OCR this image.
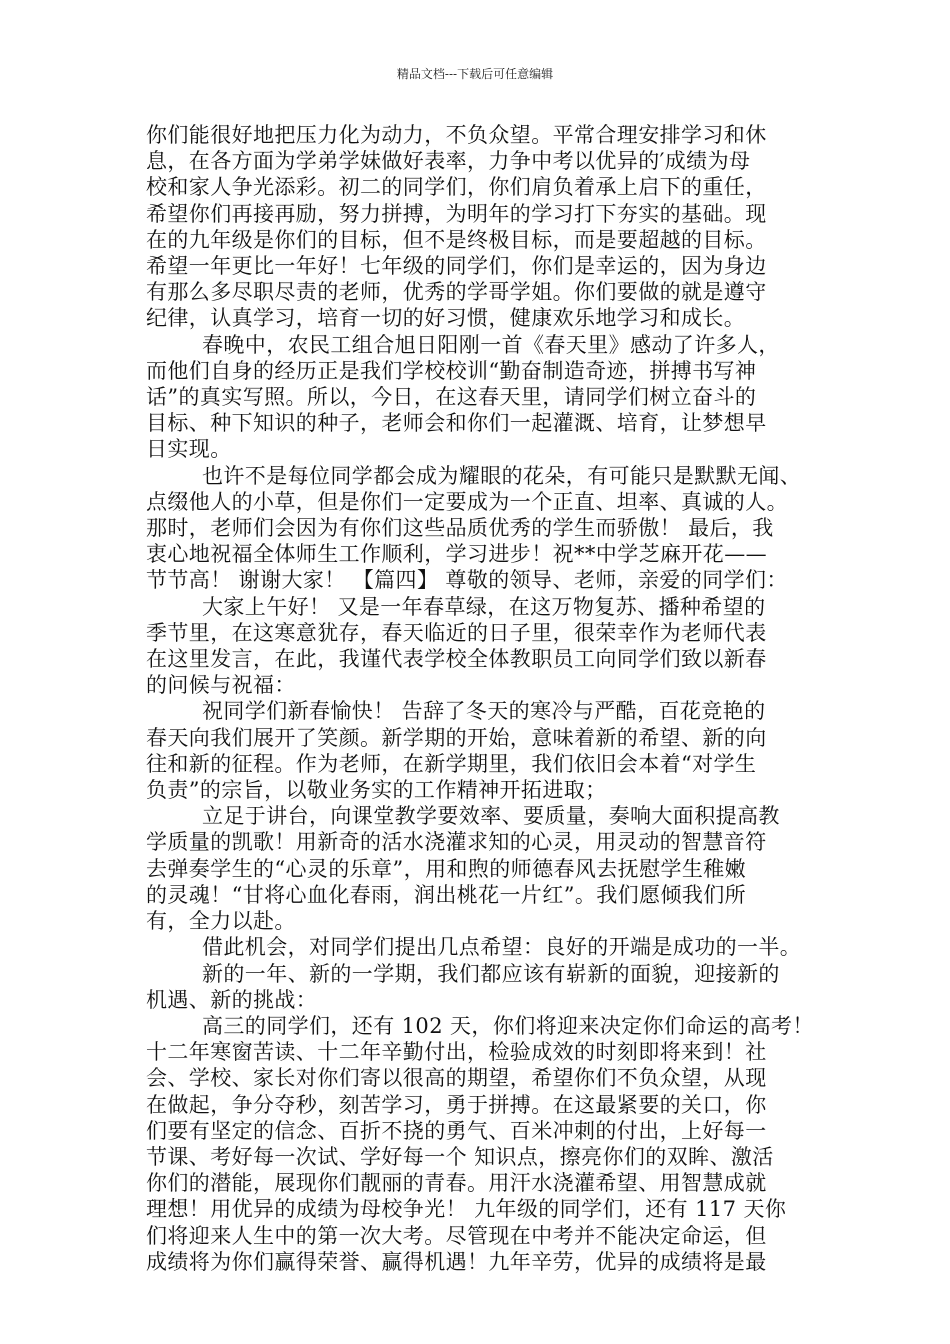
精品文档---下载后可任意编辑
你们能很好地把压力化为动力，不负众望。平常合理安排学习和休
息，在各方面为学弟学妹做好表率，力争中考以优异的′成绩为母
校和家人争光添彩。初二的同学们，你们肩负着承上启下的重任，
希望你们再接再励，努力拼搏，为明年的学习打下夯实的基础。现
在的九年级是你们的目标，但不是终极目标，而是要超越的目标。
希望一年更比一年好！七年级的同学们，你们是幸运的，因为身边
有那么多尽职尽责的老师，优秀的学哥学姐。你们要做的就是遵守
纪律，认真学习，培育一切的好习惯，健康欢乐地学习和成长。
春晚中，农民工组合旭日阳刚一首《春天里》感动了许多人，
而他们自身的经历正是我们学校校训“勤奋制造奇迹，拼搏书写神
话”的真实写照。所以，今日，在这春天里，请同学们树立奋斗的
目标、种下知识的种子，老师会和你们一起灌溉、培育，让梦想早
日实现。
也许不是每位同学都会成为耀眼的花朵，有可能只是默默无闻、
点缀他人的小草，但是你们一定要成为一个正直、坦率、真诚的人。
那时，老师们会因为有你们这些品质优秀的学生而骄傲！ 最后，我
衷心地祝福全体师生工作顺利，学习进步！祝**中学芝麻开花——
节节高！ 谢谢大家！ 【篇四】 尊敬的领导、老师，亲爱的同学们：
大家上午好！ 又是一年春草绿，在这万物复苏、播种希望的
季节里，在这寒意犹存，春天临近的日子里，很荣幸作为老师代表
在这里发言，在此，我谨代表学校全体教职员工向同学们致以新春
的问候与祝福：
祝同学们新春愉快！ 告辞了冬天的寒冷与严酷，百花竞艳的
春天向我们展开了笑颜。新学期的开始，意味着新的希望、新的向
往和新的征程。作为老师，在新学期里，我们依旧会本着“对学生
负责”的宗旨，以敬业务实的工作精神开拓进取；
立足于讲台，向课堂教学要效率、要质量，奏响大面积提高教
学质量的凯歌！用新奇的活水浇灌求知的心灵，用灵动的智慧音符
去弹奏学生的“心灵的乐章”，用和煦的师德春风去抚慰学生稚嫩
的灵魂！“甘将心血化春雨，润出桃花一片红”。我们愿倾我们所
有，全力以赴。
借此机会，对同学们提出几点希望：良好的开端是成功的一半。
新的一年、新的一学期，我们都应该有崭新的面貌，迎接新的
机遇、新的挑战：
高三的同学们，还有 102 天，你们将迎来决定你们命运的高考！
十二年寒窗苦读、十二年辛勤付出，检验成效的时刻即将来到！社
会、学校、家长对你们寄以很高的期望，希望你们不负众望，从现
在做起，争分夺秒，刻苦学习，勇于拼搏。在这最紧要的关口，你
们要有坚定的信念、百折不挠的勇气、百米冲刺的付出，上好每一
节课、考好每一次试、学好每一个 知识点，擦亮你们的双眸、激活
你们的潜能，展现你们靓丽的青春。用汗水浇灌希望、用智慧成就
理想！用优异的成绩为母校争光！ 九年级的同学们，还有 117 天你
们将迎来人生中的第一次大考。尽管现在中考并不能决定命运，但
成绩将为你们赢得荣誉、赢得机遇！九年辛劳，优异的成绩将是最
